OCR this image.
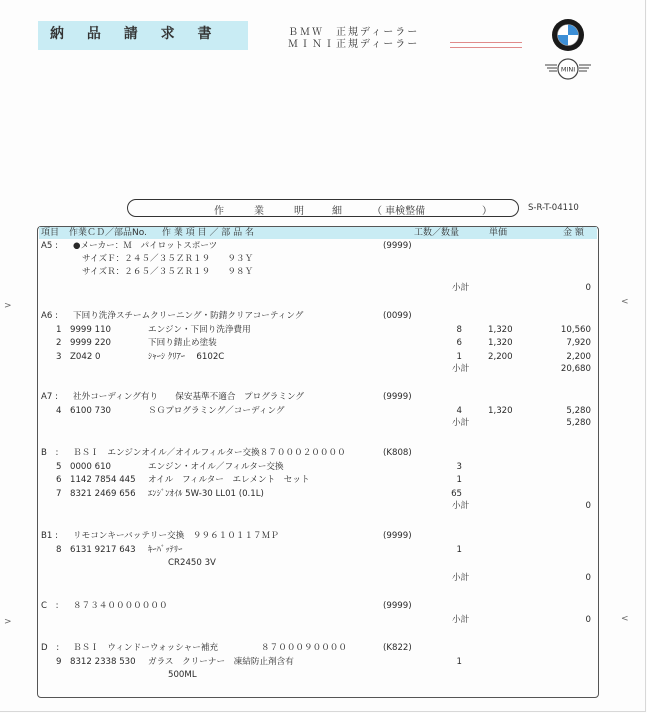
納 品 請 求 書	ＢＭＷ　正規ディーラー
ＭＩＮＩ正規ディーラー
MINI
作	業	明	細	（ 車検整備	）	S-R-T-04110
項目 作業ＣＤ／部品No. 作 業 項 目 ／ 部 品 名	工数／数量	単価	金 額
>	<
>	<
A5 : ●メーカー：Ｍ　パイロットスポーツ	(9999)
サイズＦ：２４５／３５ＺＲ１９　　９３Ｙ
サイズＲ：２６５／３５ＺＲ１９　　９８Ｙ
小計	0
A6 : 下回り洗浄スチームクリーニング・防錆クリアコーティング	(0099)
1 9999 110	エンジン・下回り洗浄費用	8	1,320	10,560
2 9999 220	下回り錆止め塗装	6	1,320	7,920
3 Z042 0	ｼｬｰｼ ｸﾘｱｰ　 6102C	1	2,200	2,200
小計	20,680
A7 : 社外コーディング有り　　保安基準不適合　プログラミング	(9999)
4 6100 730	ＳＧプログラミング／コーディング	4	1,320	5,280
小計	5,280
B　: ＢＳＩ　エンジンオイル／オイルフィルター交換８７０００２００００	(K808)
5 0000 610	エンジン・オイル／フィルター交換	3
6 1142 7854 445 オイル　フィルター　エレメント　セット	1
7 8321 2469 656 ｴﾝｼﾞﾝｵｲﾙ 5W-30 LL01 (0.1L)	65
小計	0
B1 : リモコンキーバッテリー交換　９９６１０１１７ＭＰ	(9999)
8 6131 9217 643 ｷｰﾊﾞｯﾃﾘｰ	1
CR2450 3V
小計	0
C　: ８７３４０００００００	(9999)
小計	0
D　: ＢＳＩ　ウィンドーウォッシャー補充　　　　　８７０００９００００	(K822)
9 8312 2338 530 ガラス　クリーナー　凍結防止剤含有	1
500ML
